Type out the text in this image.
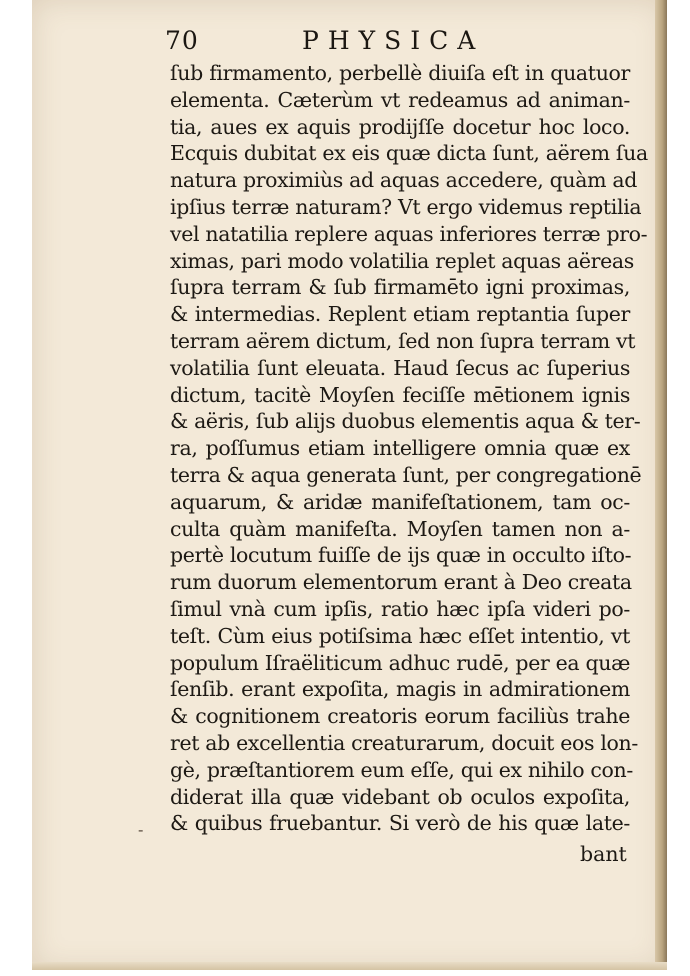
70	PHYSICA
ſub firmamento, perbellè diuiſa eſt in quatuor
elementa. Cæterùm vt redeamus ad animan-
tia, aues ex aquis prodijſſe docetur hoc loco.
Ecquis dubitat ex eis quæ dicta ſunt, aërem ſua
natura proximiùs ad aquas accedere, quàm ad
ipſius terræ naturam? Vt ergo videmus reptilia
vel natatilia replere aquas inferiores terræ pro-
ximas, pari modo volatilia replet aquas aëreas
ſupra terram & ſub firmamēto igni proximas,
& intermedias. Replent etiam reptantia ſuper
terram aërem dictum, ſed non ſupra terram vt
volatilia ſunt eleuata. Haud ſecus ac ſuperius
dictum, tacitè Moyſen feciſſe mētionem ignis
& aëris, ſub alijs duobus elementis aqua & ter-
ra, poſſumus etiam intelligere omnia quæ ex
terra & aqua generata ſunt, per congregationē
aquarum, & aridæ manifeſtationem, tam oc-
culta quàm manifeſta. Moyſen tamen non a-
pertè locutum fuiſſe de ijs quæ in occulto iſto-
rum duorum elementorum erant à Deo creata
ſimul vnà cum ipſis, ratio hæc ipſa videri po-
teſt. Cùm eius potiſsima hæc eſſet intentio, vt
populum Iſraëliticum adhuc rudē, per ea quæ
ſenſib. erant expoſita, magis in admirationem
& cognitionem creatoris eorum faciliùs trahe
ret ab excellentia creaturarum, docuit eos lon-
gè, præſtantiorem eum eſſe, qui ex nihilo con-
diderat illa quæ videbant ob oculos expoſita,
& quibus fruebantur. Si verò de his quæ late-
-
bant
